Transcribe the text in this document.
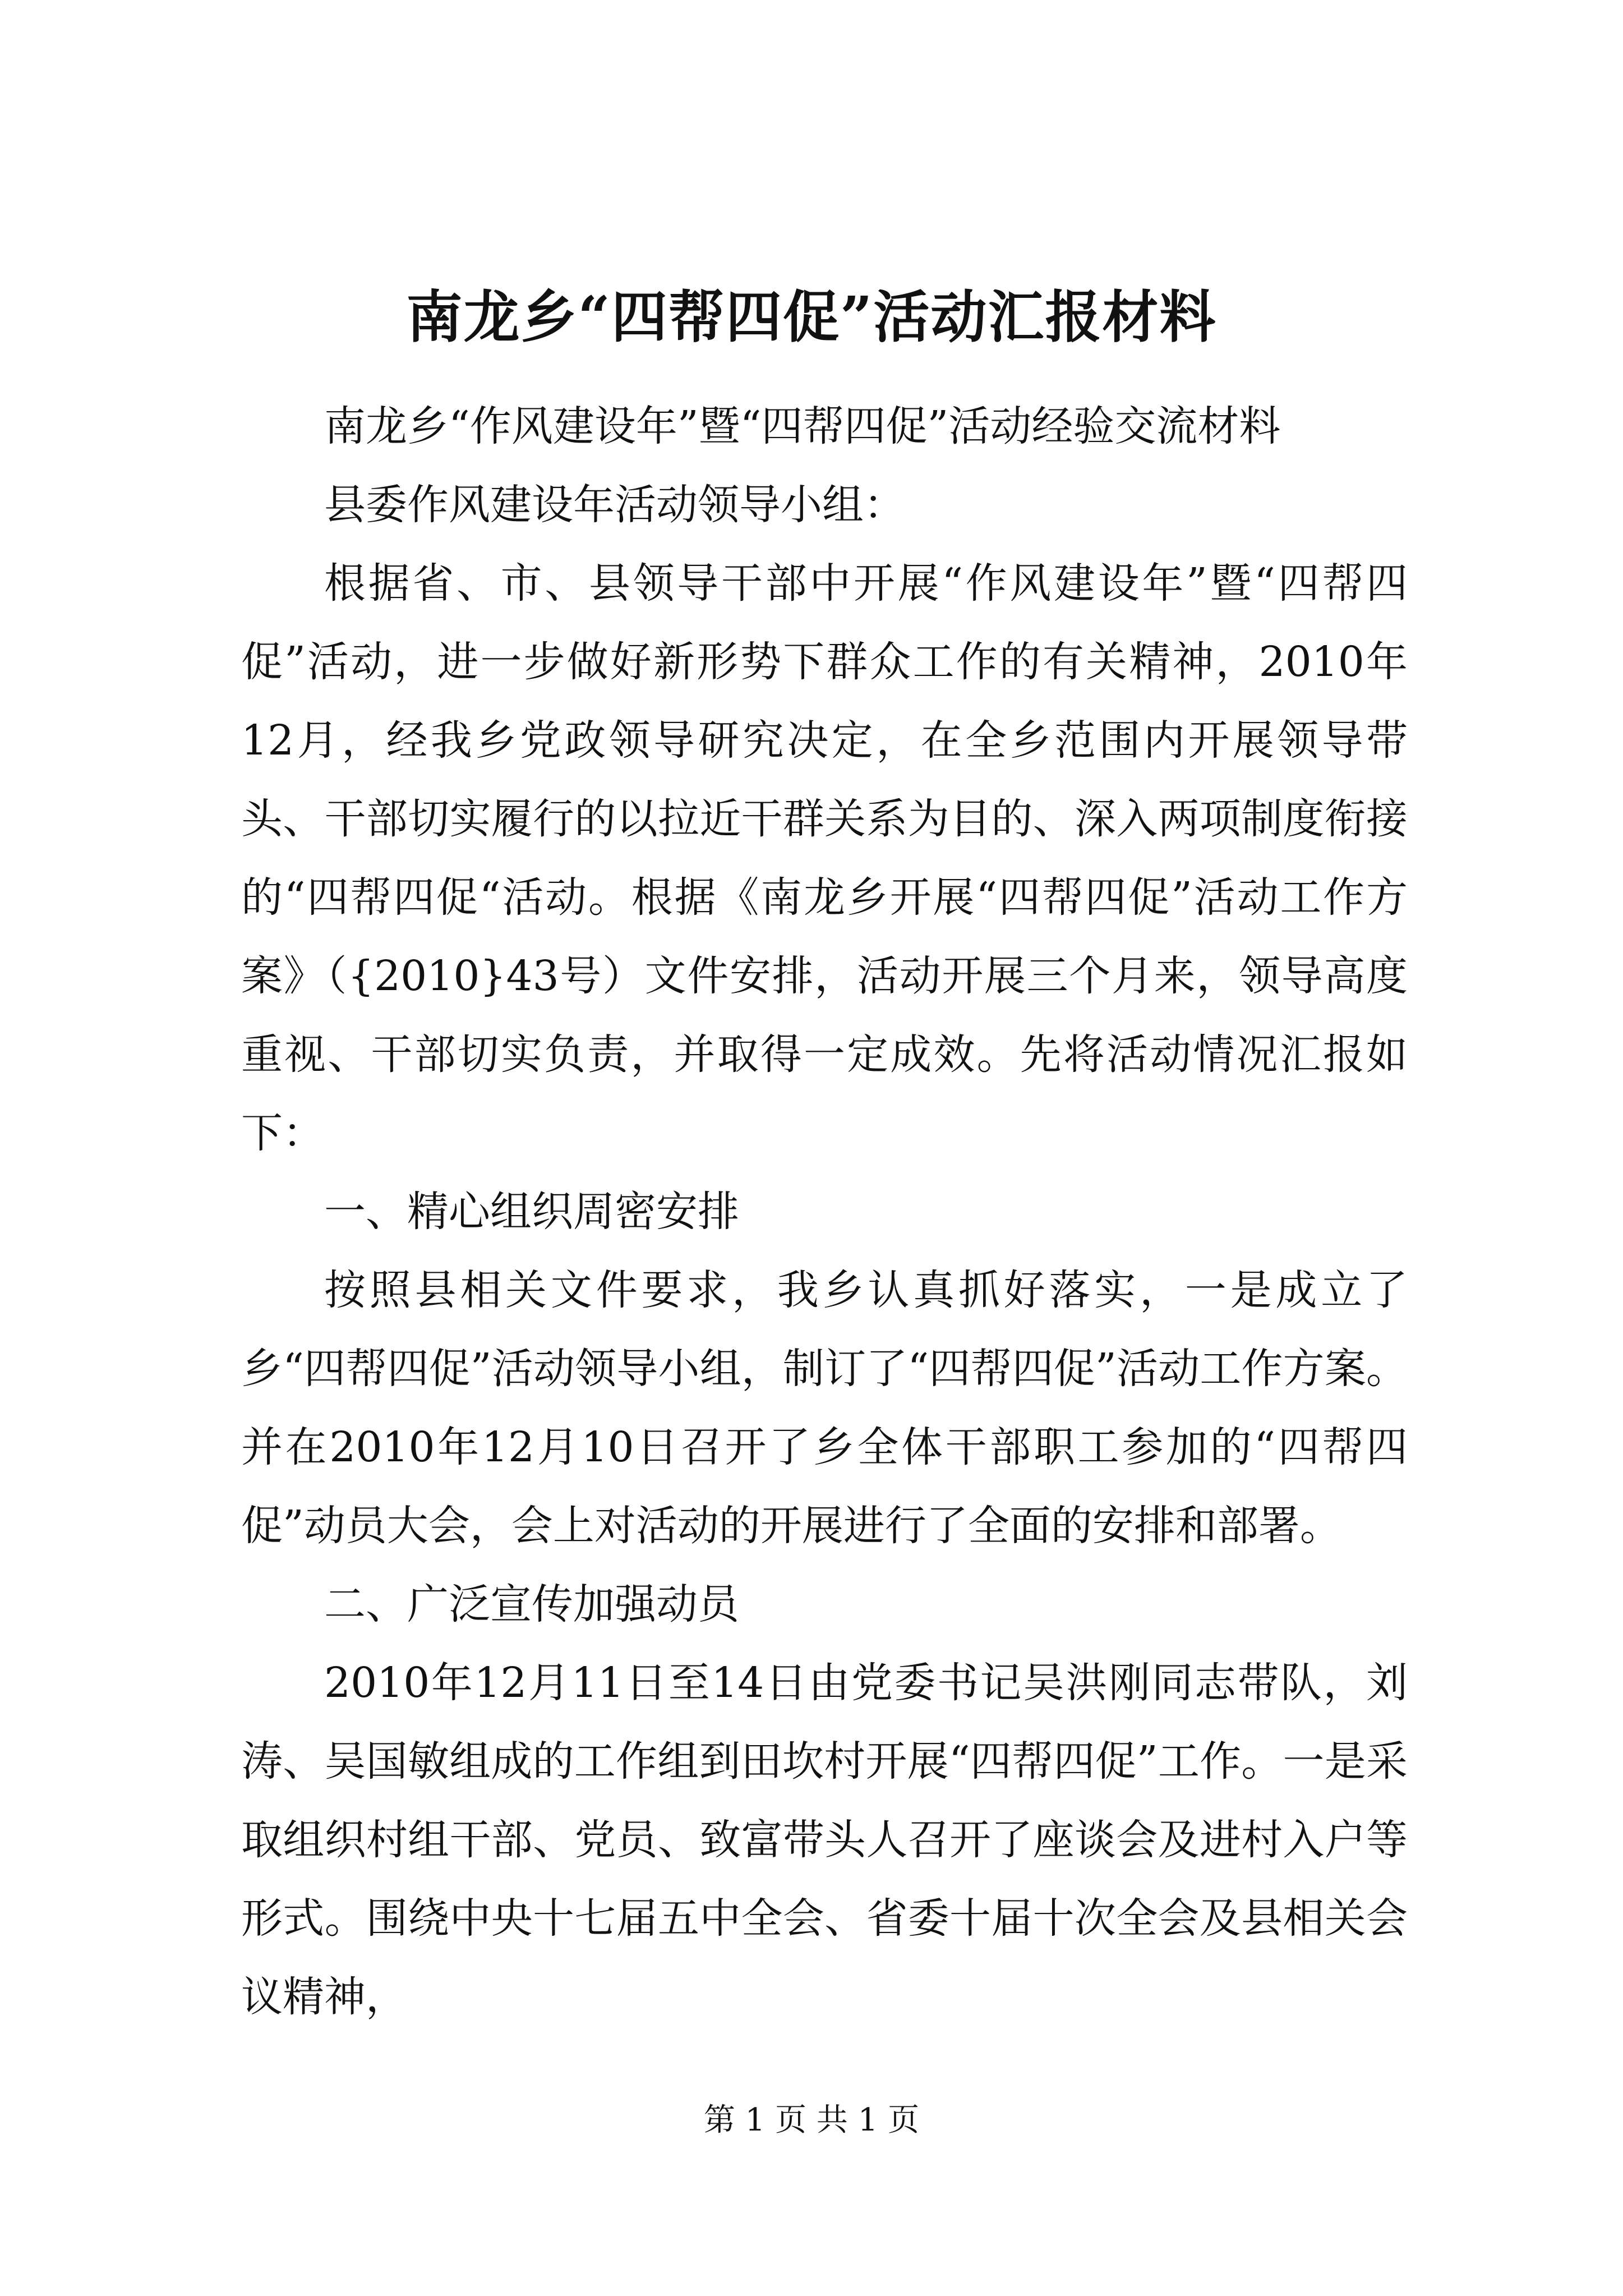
南龙乡“四帮四促”活动汇报材料

南龙乡“作风建设年”暨“四帮四促”活动经验交流材料

县委作风建设年活动领导小组：

根据省、市、县领导干部中开展“作风建设年”暨“四帮四促”活动，进一步做好新形势下群众工作的有关精神，2010年12月，经我乡党政领导研究决定，在全乡范围内开展领导带头、干部切实履行的以拉近干群关系为目的、深入两项制度衔接的“四帮四促“活动。根据《南龙乡开展“四帮四促”活动工作方案》（{2010}43号）文件安排，活动开展三个月来，领导高度重视、干部切实负责，并取得一定成效。先将活动情况汇报如下：

一、精心组织周密安排

按照县相关文件要求，我乡认真抓好落实，一是成立了乡“四帮四促”活动领导小组，制订了“四帮四促”活动工作方案。并在2010年12月10日召开了乡全体干部职工参加的“四帮四促”动员大会，会上对活动的开展进行了全面的安排和部署。

二、广泛宣传加强动员

2010年12月11日至14日由党委书记吴洪刚同志带队，刘涛、吴国敏组成的工作组到田坎村开展“四帮四促”工作。一是采取组织村组干部、党员、致富带头人召开了座谈会及进村入户等形式。围绕中央十七届五中全会、省委十届十次全会及县相关会议精神，

第 1 页 共 1 页
